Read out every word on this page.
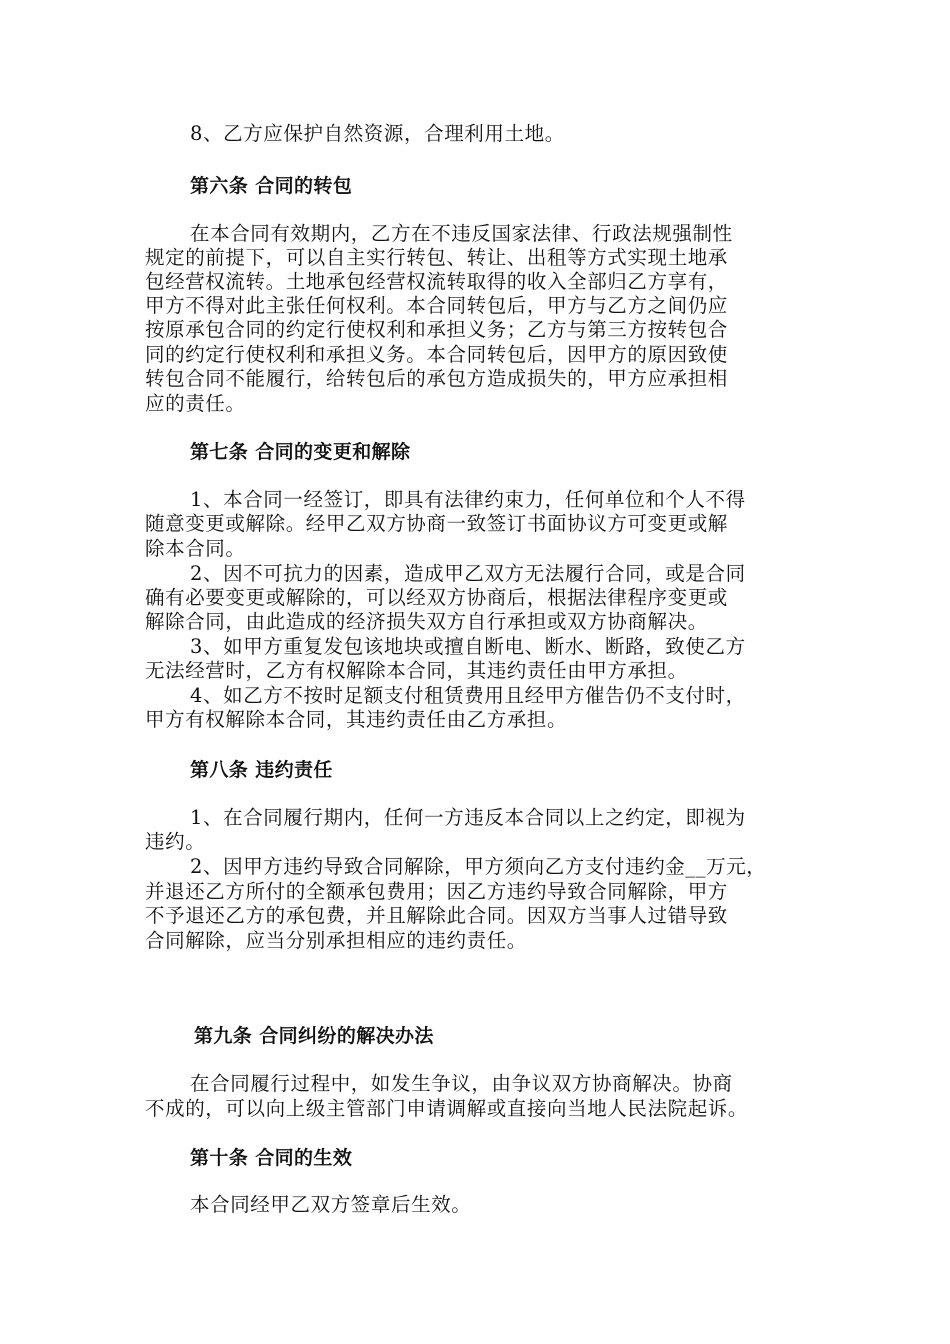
8、乙方应保护自然资源，合理利用土地。
第六条 合同的转包
在本合同有效期内，乙方在不违反国家法律、行政法规强制性
规定的前提下，可以自主实行转包、转让、出租等方式实现土地承
包经营权流转。土地承包经营权流转取得的收入全部归乙方享有，
甲方不得对此主张任何权利。本合同转包后，甲方与乙方之间仍应
按原承包合同的约定行使权利和承担义务；乙方与第三方按转包合
同的约定行使权利和承担义务。本合同转包后，因甲方的原因致使
转包合同不能履行，给转包后的承包方造成损失的，甲方应承担相
应的责任。
第七条 合同的变更和解除
1、本合同一经签订，即具有法律约束力，任何单位和个人不得
随意变更或解除。经甲乙双方协商一致签订书面协议方可变更或解
除本合同。
2、因不可抗力的因素，造成甲乙双方无法履行合同，或是合同
确有必要变更或解除的，可以经双方协商后，根据法律程序变更或
解除合同，由此造成的经济损失双方自行承担或双方协商解决。
3、如甲方重复发包该地块或擅自断电、断水、断路，致使乙方
无法经营时，乙方有权解除本合同，其违约责任由甲方承担。
4、如乙方不按时足额支付租赁费用且经甲方催告仍不支付时，
甲方有权解除本合同，其违约责任由乙方承担。
第八条 违约责任
1、在合同履行期内，任何一方违反本合同以上之约定，即视为
违约。
2、因甲方违约导致合同解除，甲方须向乙方支付违约金__万元，
并退还乙方所付的全额承包费用；因乙方违约导致合同解除，甲方
不予退还乙方的承包费，并且解除此合同。因双方当事人过错导致
合同解除，应当分别承担相应的违约责任。
第九条 合同纠纷的解决办法
在合同履行过程中，如发生争议，由争议双方协商解决。协商
不成的，可以向上级主管部门申请调解或直接向当地人民法院起诉。
第十条 合同的生效
本合同经甲乙双方签章后生效。
